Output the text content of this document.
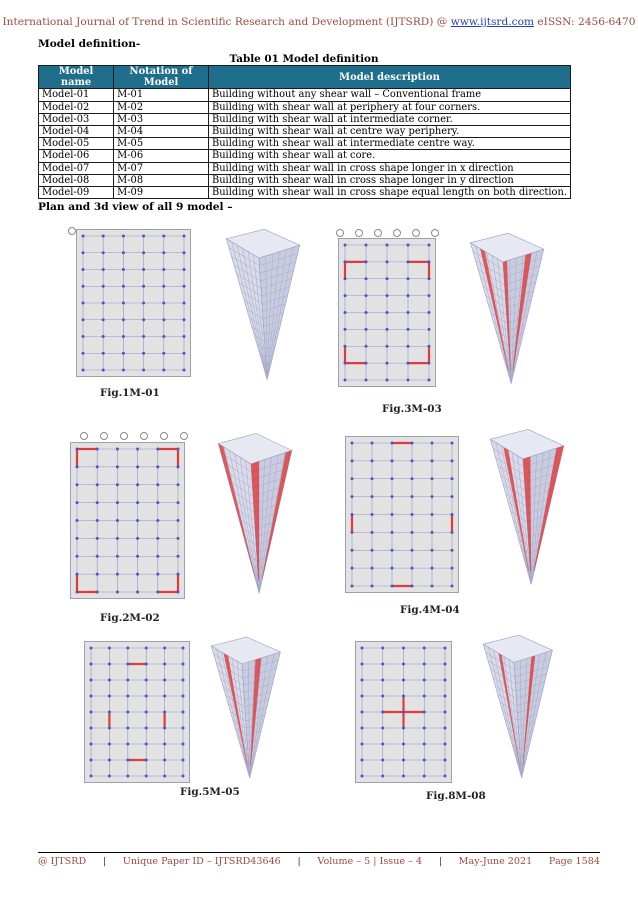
International Journal of Trend in Scientific Research and Development (IJTSRD) @ www.ijtsrd.com eISSN: 2456-6470
Model definition-
Table 01 Model definition
Model name	Notation of Model	Model description
Model-01	M-01	Building without any shear wall – Conventional frame
Model-02	M-02	Building with shear wall at periphery at four corners.
Model-03	M-03	Building with shear wall at intermediate corner.
Model-04	M-04	Building with shear wall at centre way periphery.
Model-05	M-05	Building with shear wall at intermediate centre way.
Model-06	M-06	Building with shear wall at core.
Model-07	M-07	Building with shear wall in cross shape longer in x direction
Model-08	M-08	Building with shear wall in cross shape longer in y direction
Model-09	M-09	Building with shear wall in cross shape equal length on both direction.
Plan and 3d view of all 9 model –
Fig.1M-01
Fig.3M-03
Fig.2M-02
Fig.4M-04
Fig.5M-05	Fig.8M-08
@ IJTSRD | Unique Paper ID – IJTSRD43646 | Volume – 5 | Issue – 4 | May-June 2021 Page 1584
